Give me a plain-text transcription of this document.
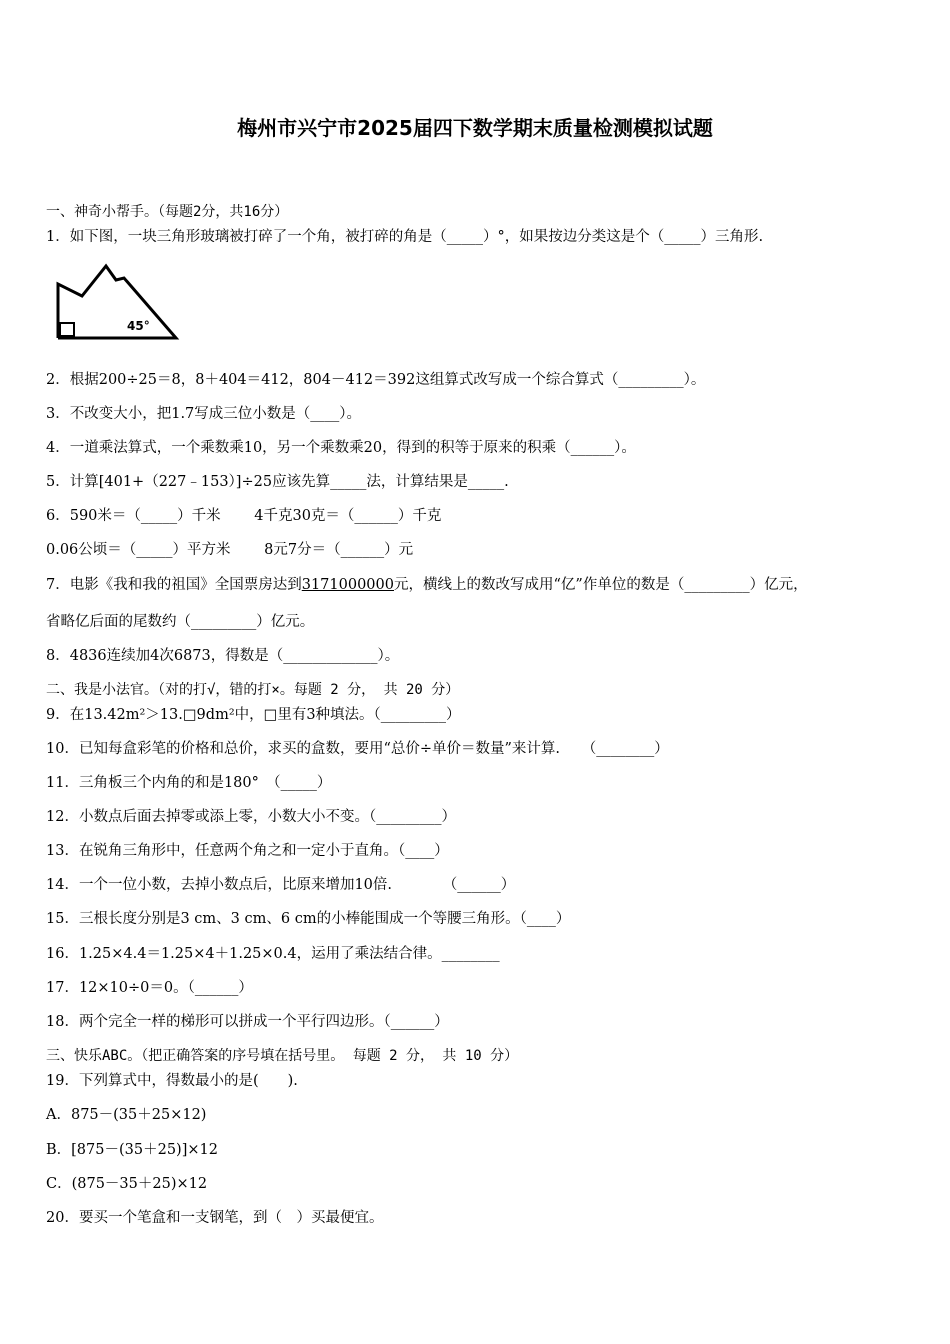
梅州市兴宁市2025届四下数学期末质量检测模拟试题
一、神奇小帮手。（每题2分，共16分）
1．如下图，一块三角形玻璃被打碎了一个角，被打碎的角是（_____）°，如果按边分类这是个（_____）三角形.
45°
2．根据200÷25＝8，8＋404＝412，804－412＝392这组算式改写成一个综合算式（_________）。
3．不改变大小，把1.7写成三位小数是（____）。
4．一道乘法算式，一个乘数乘10，另一个乘数乘20，得到的积等于原来的积乘（______）。
5．计算[401+（227﹣153）]÷25应该先算_____法，计算结果是_____.
6．590米＝（_____）千米　　 4千克30克＝（______）千克
0.06公顷＝（_____）平方米　　 8元7分＝（______）元
7．电影《我和我的祖国》全国票房达到3171000000元，横线上的数改写成用“亿”作单位的数是（_________）亿元，
省略亿后面的尾数约（_________）亿元。
8．4836连续加4次6873，得数是（_____________）。
二、我是小法官。（对的打√，错的打×。每题 2 分， 共 20 分）
9．在13.42m²＞13.□9dm²中，□里有3种填法。（_________）
10．已知每盒彩笔的价格和总价，求买的盒数，要用“总价÷单价＝数量”来计算.　　（________）
11．三角板三个内角的和是180°　（_____）
12．小数点后面去掉零或添上零，小数大小不变。（_________）
13．在锐角三角形中，任意两个角之和一定小于直角。（____）
14．一个一位小数，去掉小数点后，比原来增加10倍.　　　　（______）
15．三根长度分别是3 cm、3 cm、6 cm的小棒能围成一个等腰三角形。（____）
16．1.25×4.4＝1.25×4＋1.25×0.4，运用了乘法结合律。________
17．12×10÷0＝0。（______）
18．两个完全一样的梯形可以拼成一个平行四边形。（______）
三、快乐ABC。（把正确答案的序号填在括号里。 每题 2 分， 共 10 分）
19．下列算式中，得数最小的是(　　).
A．875－(35＋25×12)
B．[875－(35＋25)]×12
C．(875－35＋25)×12
20．要买一个笔盒和一支钢笔，到（　）买最便宜。
